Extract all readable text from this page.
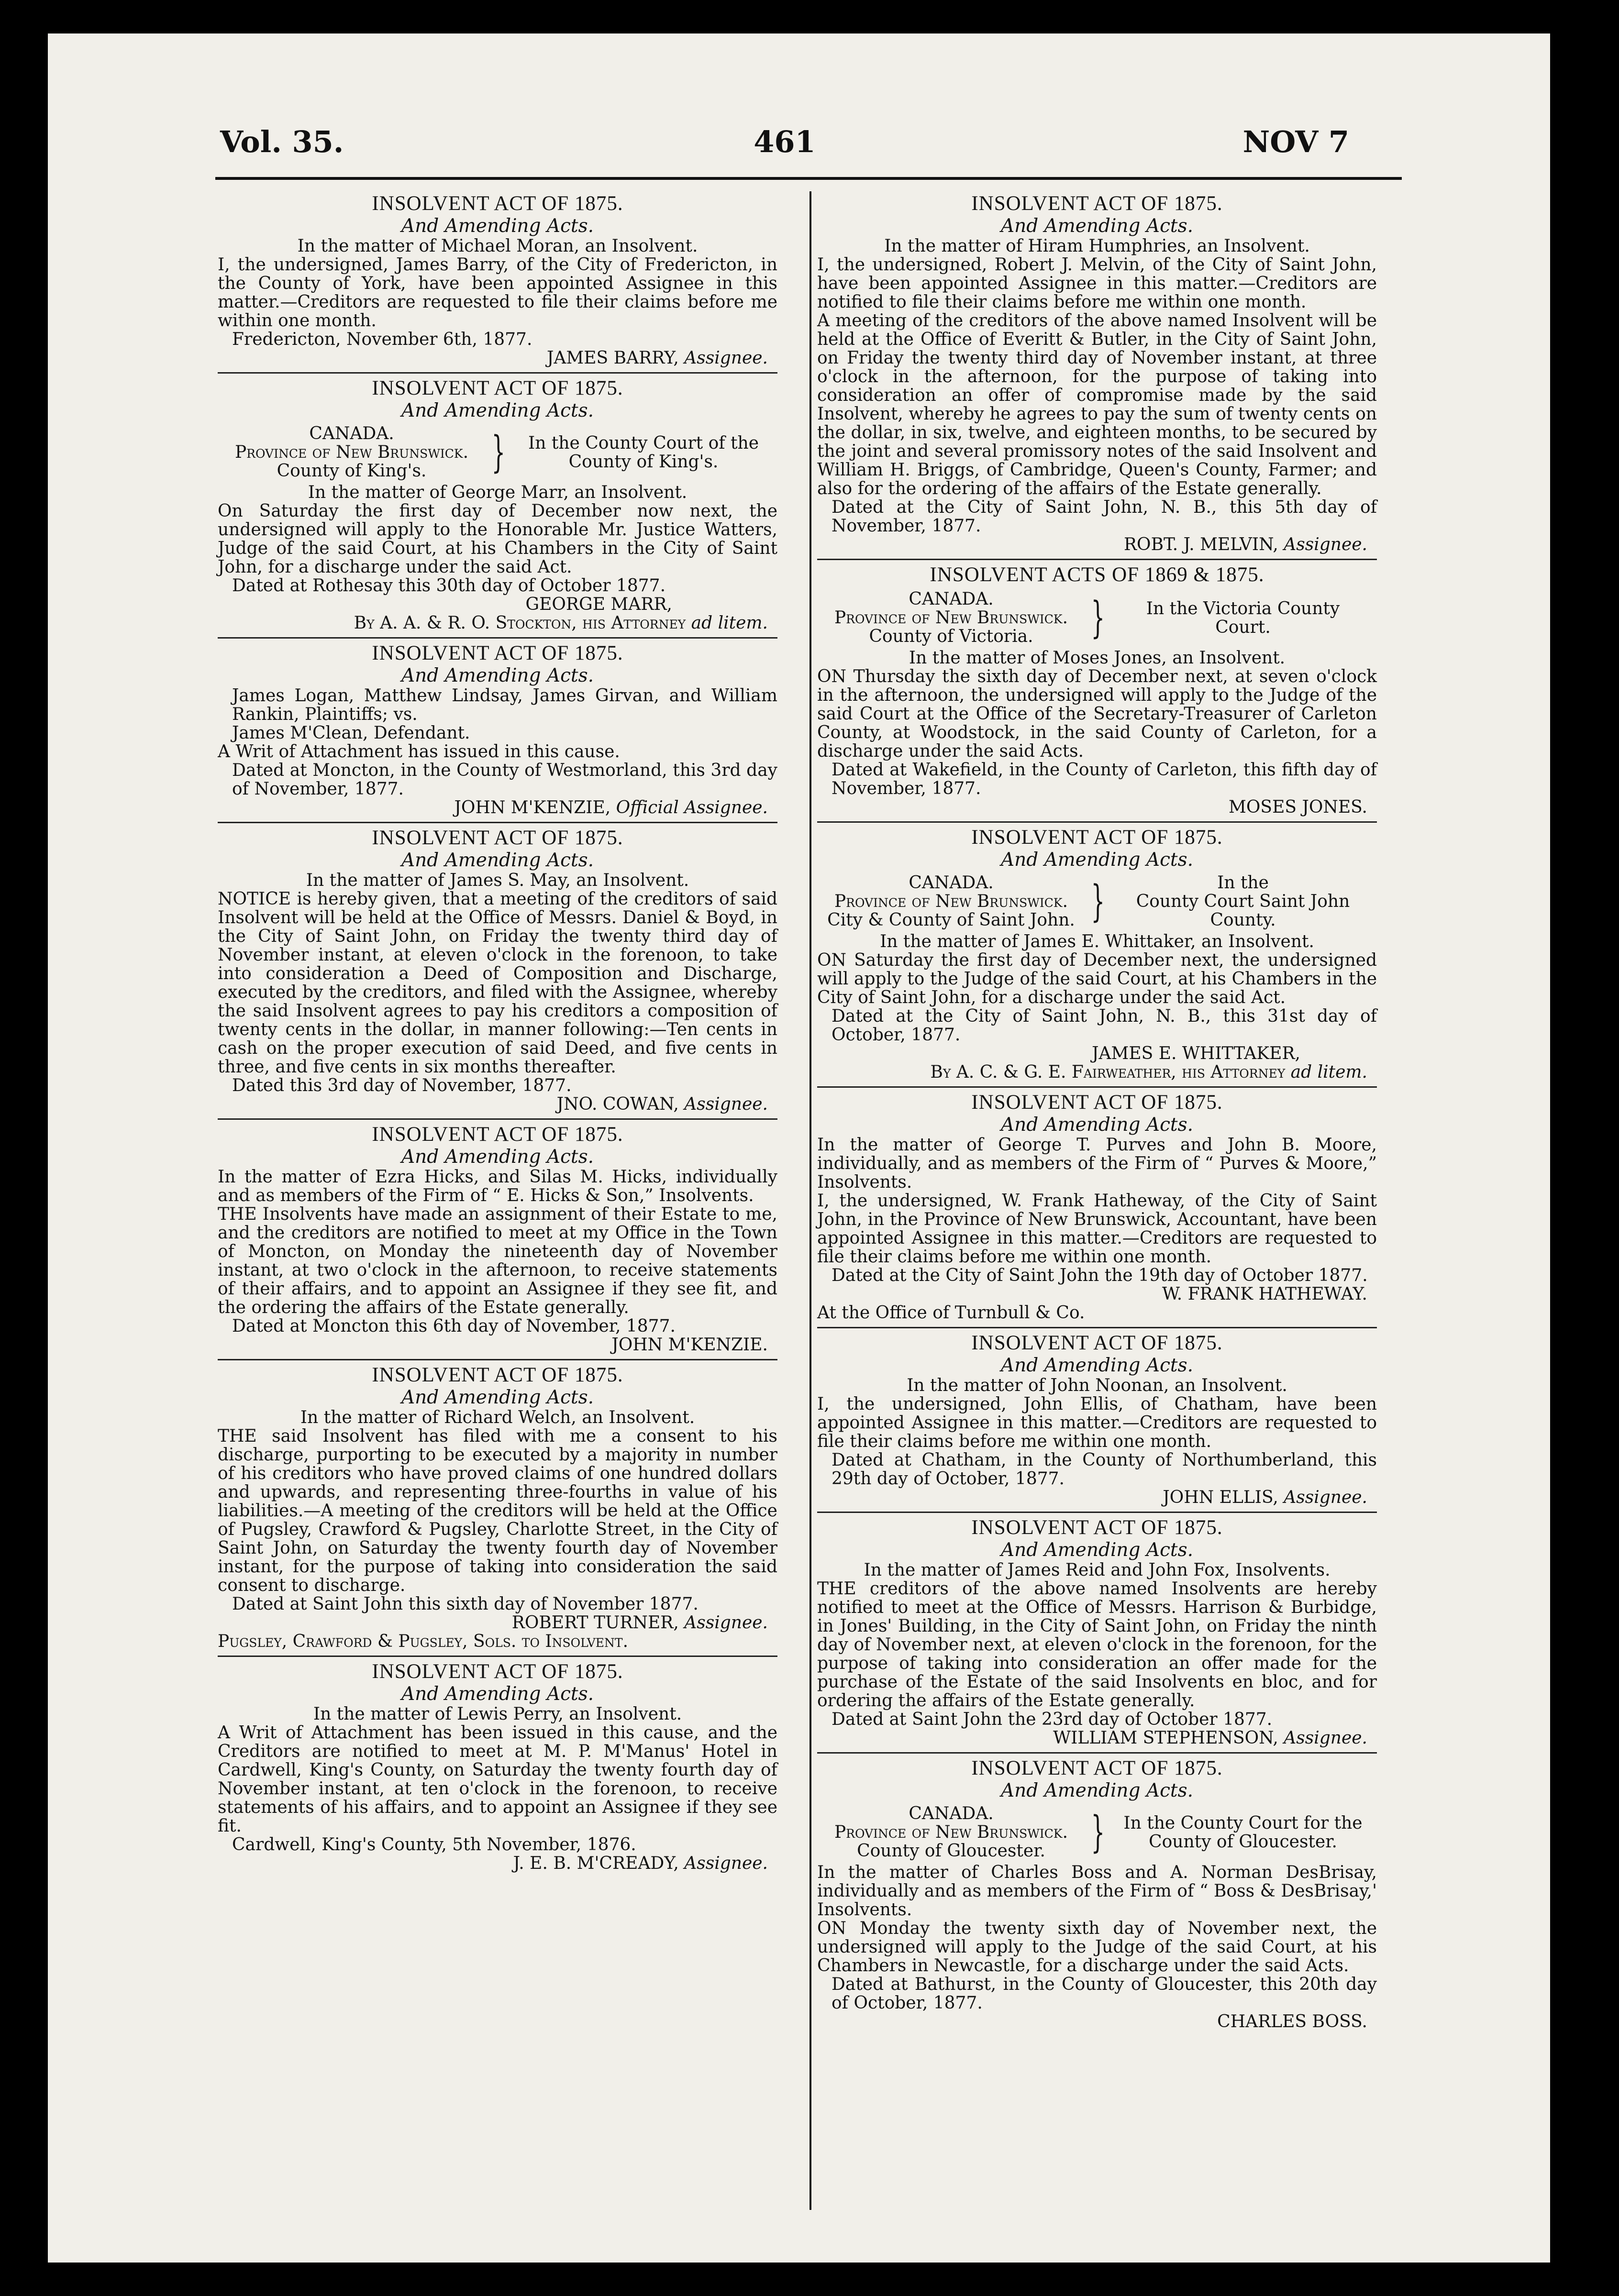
Vol. 35.	461	NOV 7
INSOLVENT ACT OF 1875.
And Amending Acts.
In the matter of Michael Moran, an Insolvent.

I, the undersigned, James Barry, of the City of Fredericton, in the County of York, have been appointed Assignee in this matter.—Creditors are requested to file their claims before me within one month.

Fredericton, November 6th, 1877.
JAMES BARRY, Assignee.
INSOLVENT ACT OF 1875.
And Amending Acts.
CANADA.
Province of New Brunswick.
County of King's.	}	In the County Court of the
County of King's.
In the matter of George Marr, an Insolvent.

On Saturday the first day of December now next, the undersigned will apply to the Honorable Mr. Justice Watters, Judge of the said Court, at his Chambers in the City of Saint John, for a discharge under the said Act.

Dated at Rothesay this 30th day of October 1877.
GEORGE MARR,
By A. A. & R. O. Stockton, his Attorney ad litem.
INSOLVENT ACT OF 1875.
And Amending Acts.

James Logan, Matthew Lindsay, James Girvan, and William Rankin, Plaintiffs; vs.

James M'Clean, Defendant.

A Writ of Attachment has issued in this cause.

Dated at Moncton, in the County of Westmorland, this 3rd day of November, 1877.

JOHN M'KENZIE, Official Assignee.
INSOLVENT ACT OF 1875.
And Amending Acts.
In the matter of James S. May, an Insolvent.

NOTICE is hereby given, that a meeting of the creditors of said Insolvent will be held at the Office of Messrs. Daniel & Boyd, in the City of Saint John, on Friday the twenty third day of November instant, at eleven o'clock in the forenoon, to take into consideration a Deed of Composition and Discharge, executed by the creditors, and filed with the Assignee, whereby the said Insolvent agrees to pay his creditors a composition of twenty cents in the dollar, in manner following:—Ten cents in cash on the proper execution of said Deed, and five cents in three, and five cents in six months thereafter.

Dated this 3rd day of November, 1877.
JNO. COWAN, Assignee.
INSOLVENT ACT OF 1875.
And Amending Acts.

In the matter of Ezra Hicks, and Silas M. Hicks, individually and as members of the Firm of “ E. Hicks & Son,” Insolvents.

THE Insolvents have made an assignment of their Estate to me, and the creditors are notified to meet at my Office in the Town of Moncton, on Monday the nineteenth day of November instant, at two o'clock in the afternoon, to receive statements of their affairs, and to appoint an Assignee if they see fit, and the ordering the affairs of the Estate generally.

Dated at Moncton this 6th day of November, 1877.
JOHN M'KENZIE.
INSOLVENT ACT OF 1875.
And Amending Acts.
In the matter of Richard Welch, an Insolvent.

THE said Insolvent has filed with me a consent to his discharge, purporting to be executed by a majority in number of his creditors who have proved claims of one hundred dollars and upwards, and representing three-fourths in value of his liabilities.—A meeting of the creditors will be held at the Office of Pugsley, Crawford & Pugsley, Charlotte Street, in the City of Saint John, on Saturday the twenty fourth day of November instant, for the purpose of taking into consideration the said consent to discharge.

Dated at Saint John this sixth day of November 1877.
ROBERT TURNER, Assignee.
Pugsley, Crawford & Pugsley, Sols. to Insolvent.
INSOLVENT ACT OF 1875.
And Amending Acts.
In the matter of Lewis Perry, an Insolvent.

A Writ of Attachment has been issued in this cause, and the Creditors are notified to meet at M. P. M'Manus' Hotel in Cardwell, King's County, on Saturday the twenty fourth day of November instant, at ten o'clock in the forenoon, to receive statements of his affairs, and to appoint an Assignee if they see fit.

Cardwell, King's County, 5th November, 1876.
J. E. B. M'CREADY, Assignee.
INSOLVENT ACT OF 1875.
And Amending Acts.
In the matter of Hiram Humphries, an Insolvent.

I, the undersigned, Robert J. Melvin, of the City of Saint John, have been appointed Assignee in this matter.—Creditors are notified to file their claims before me within one month.

A meeting of the creditors of the above named Insolvent will be held at the Office of Everitt & Butler, in the City of Saint John, on Friday the twenty third day of November instant, at three o'clock in the afternoon, for the purpose of taking into consideration an offer of compromise made by the said Insolvent, whereby he agrees to pay the sum of twenty cents on the dollar, in six, twelve, and eighteen months, to be secured by the joint and several promissory notes of the said Insolvent and William H. Briggs, of Cambridge, Queen's County, Farmer; and also for the ordering of the affairs of the Estate generally.

Dated at the City of Saint John, N. B., this 5th day of November, 1877.

ROBT. J. MELVIN, Assignee.
INSOLVENT ACTS OF 1869 & 1875.
CANADA.
Province of New Brunswick.
County of Victoria.	}	In the Victoria County
Court.
In the matter of Moses Jones, an Insolvent.

ON Thursday the sixth day of December next, at seven o'clock in the afternoon, the undersigned will apply to the Judge of the said Court at the Office of the Secretary-Treasurer of Carleton County, at Woodstock, in the said County of Carleton, for a discharge under the said Acts.

Dated at Wakefield, in the County of Carleton, this fifth day of November, 1877.

MOSES JONES.
INSOLVENT ACT OF 1875.
And Amending Acts.
CANADA.
Province of New Brunswick.
City & County of Saint John. }	In the
County Court Saint John
County.
In the matter of James E. Whittaker, an Insolvent.

ON Saturday the first day of December next, the undersigned will apply to the Judge of the said Court, at his Chambers in the City of Saint John, for a discharge under the said Act.

Dated at the City of Saint John, N. B., this 31st day of October, 1877.

JAMES E. WHITTAKER,
By A. C. & G. E. Fairweather, his Attorney ad litem.
INSOLVENT ACT OF 1875.
And Amending Acts.

In the matter of George T. Purves and John B. Moore, individually, and as members of the Firm of “ Purves & Moore,” Insolvents.

I, the undersigned, W. Frank Hatheway, of the City of Saint John, in the Province of New Brunswick, Accountant, have been appointed Assignee in this matter.—Creditors are requested to file their claims before me within one month.

Dated at the City of Saint John the 19th day of October 1877.
W. FRANK HATHEWAY.
At the Office of Turnbull & Co.
INSOLVENT ACT OF 1875.
And Amending Acts.
In the matter of John Noonan, an Insolvent.

I, the undersigned, John Ellis, of Chatham, have been appointed Assignee in this matter.—Creditors are requested to file their claims before me within one month.

Dated at Chatham, in the County of Northumberland, this 29th day of October, 1877.

JOHN ELLIS, Assignee.
INSOLVENT ACT OF 1875.
And Amending Acts.
In the matter of James Reid and John Fox, Insolvents.

THE creditors of the above named Insolvents are hereby notified to meet at the Office of Messrs. Harrison & Burbidge, in Jones' Building, in the City of Saint John, on Friday the ninth day of November next, at eleven o'clock in the forenoon, for the purpose of taking into consideration an offer made for the purchase of the Estate of the said Insolvents en bloc, and for ordering the affairs of the Estate generally.

Dated at Saint John the 23rd day of October 1877.
WILLIAM STEPHENSON, Assignee.
INSOLVENT ACT OF 1875.
And Amending Acts.
CANADA.
Province of New Brunswick.
County of Gloucester.	}	In the County Court for the
County of Gloucester.

In the matter of Charles Boss and A. Norman DesBrisay, individually and as members of the Firm of “ Boss & DesBrisay,' Insolvents.

ON Monday the twenty sixth day of November next, the undersigned will apply to the Judge of the said Court, at his Chambers in Newcastle, for a discharge under the said Acts.

Dated at Bathurst, in the County of Gloucester, this 20th day of October, 1877.

CHARLES BOSS.
